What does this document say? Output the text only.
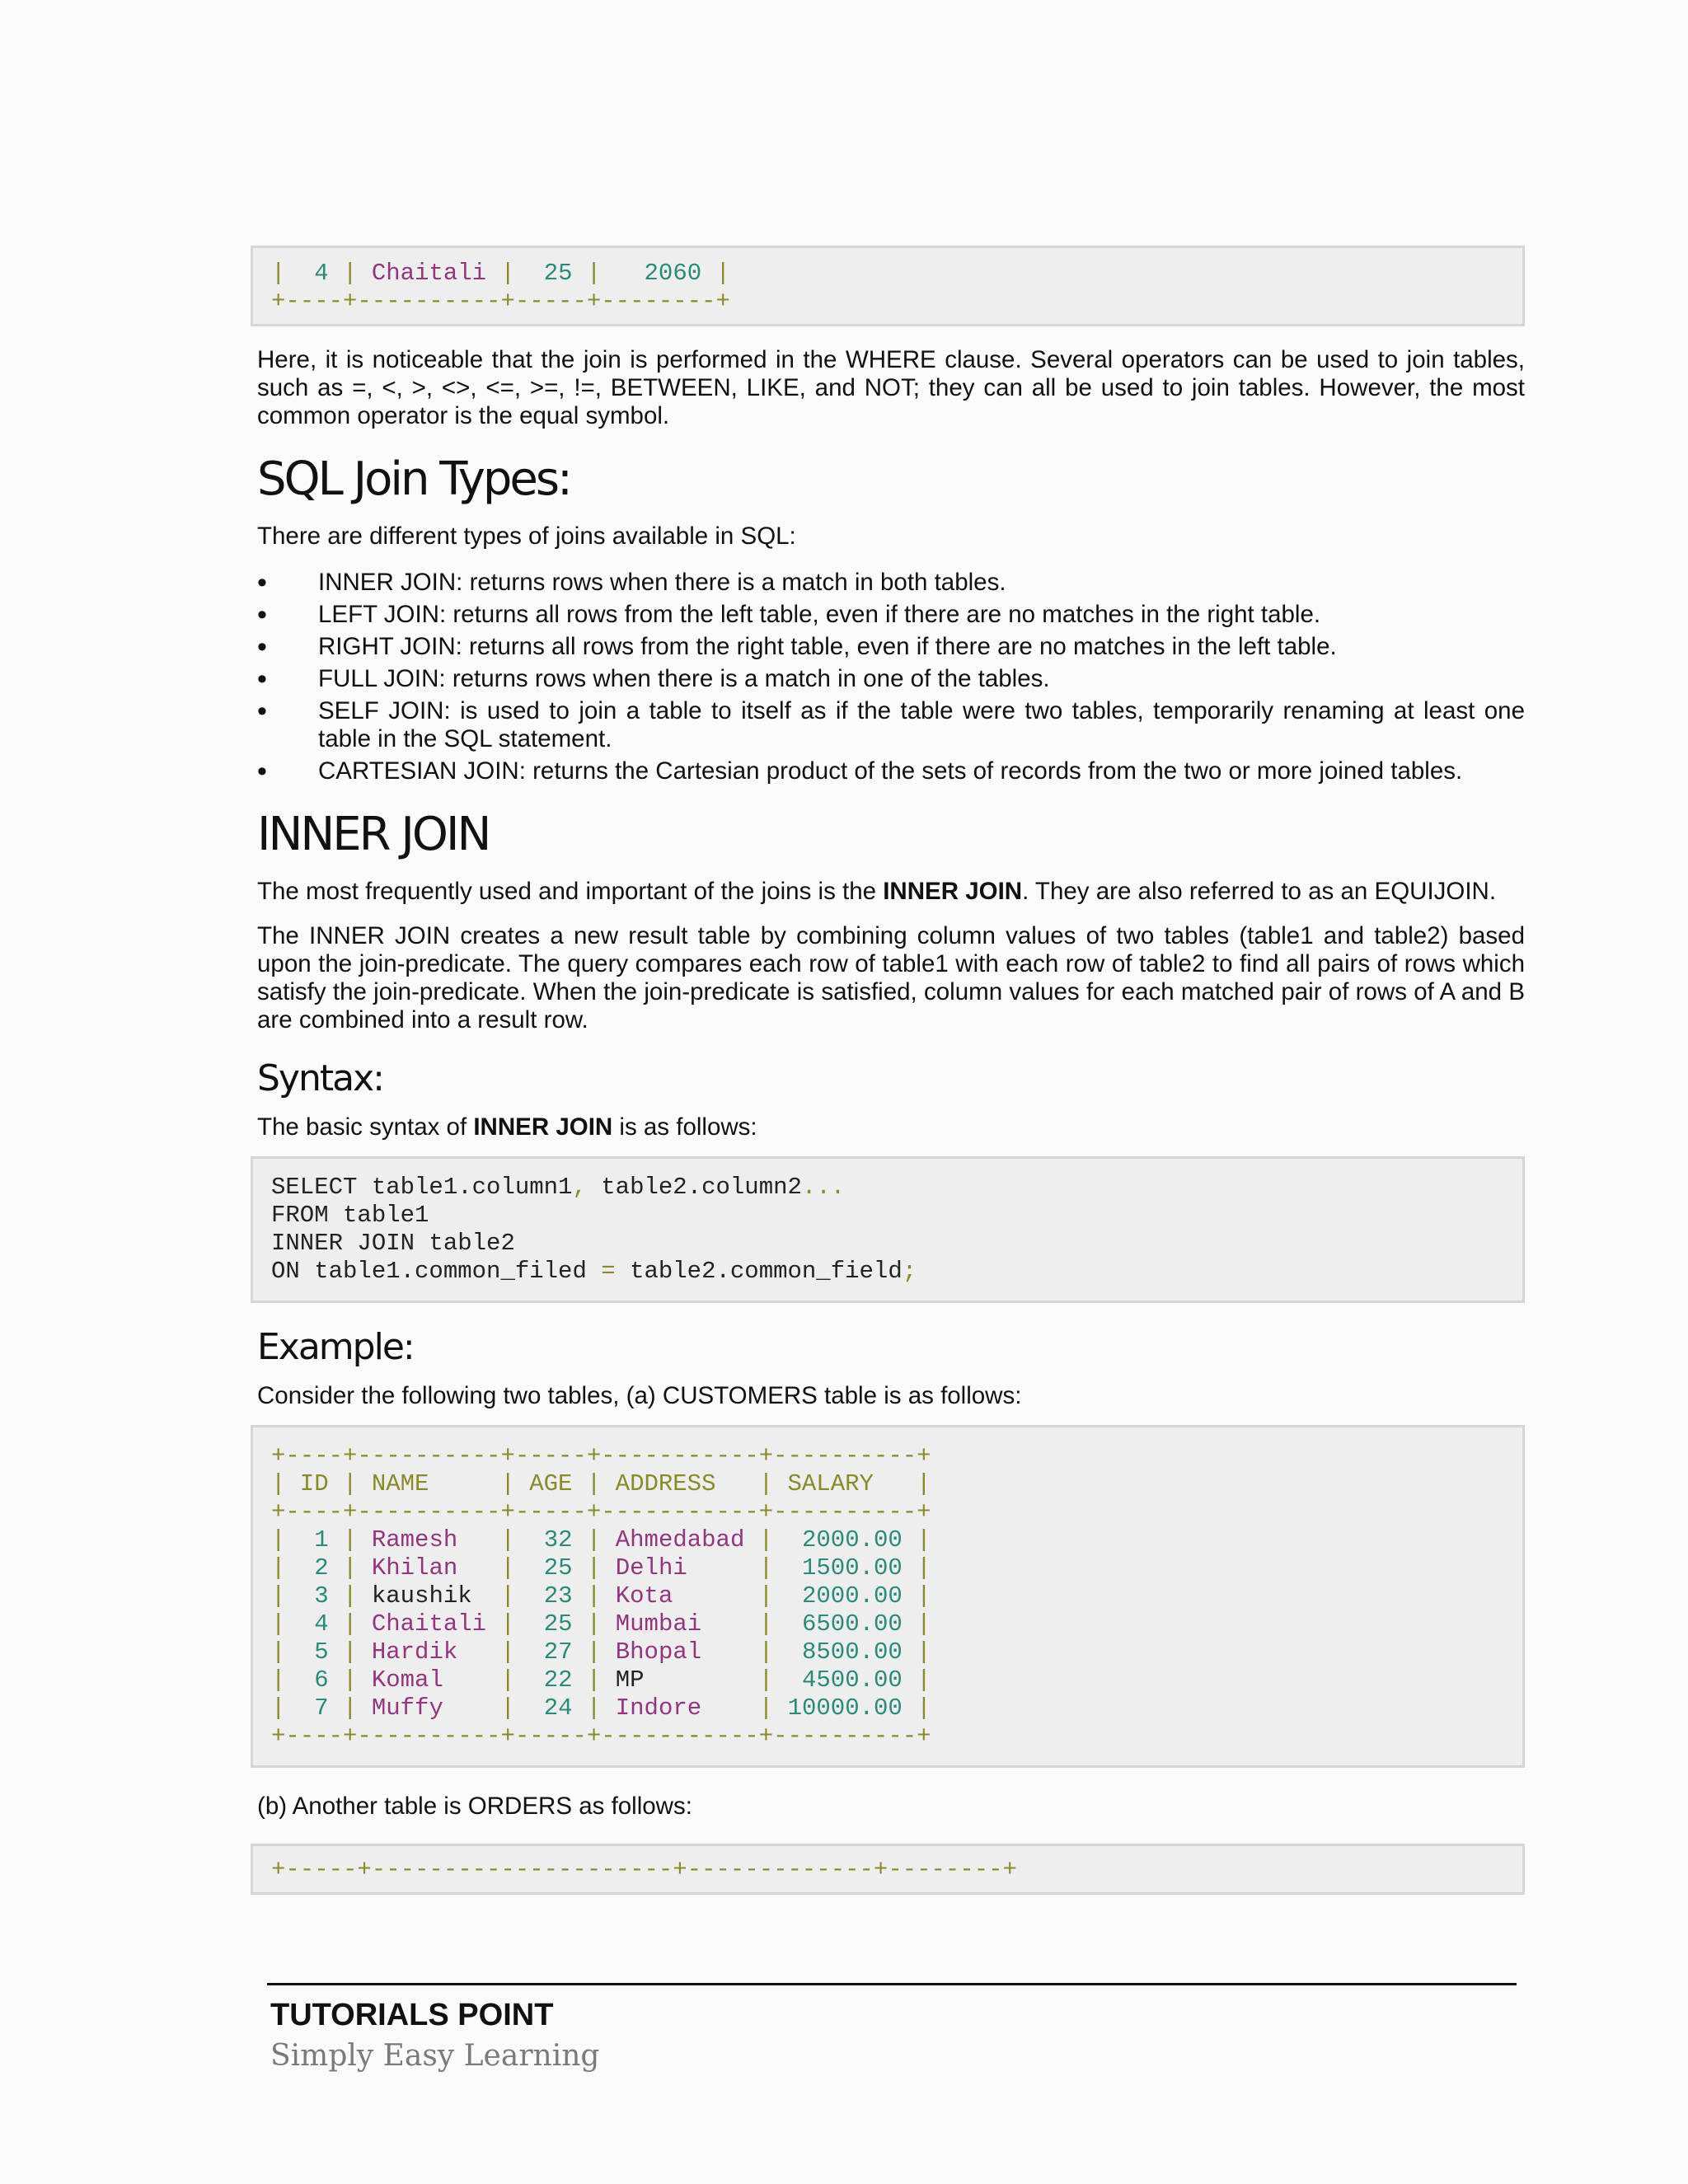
|  4 | Chaitali |  25 |   2060 |
+----+----------+-----+--------+

Here, it is noticeable that the join is performed in the WHERE clause. Several operators can be used to join tables, such as =, <, >, <>, <=, >=, !=, BETWEEN, LIKE, and NOT; they can all be used to join tables. However, the most common operator is the equal symbol.

SQL Join Types:

There are different types of joins available in SQL:

• INNER JOIN: returns rows when there is a match in both tables.
• LEFT JOIN: returns all rows from the left table, even if there are no matches in the right table.
• RIGHT JOIN: returns all rows from the right table, even if there are no matches in the left table.
• FULL JOIN: returns rows when there is a match in one of the tables.
• SELF JOIN: is used to join a table to itself as if the table were two tables, temporarily renaming at least one table in the SQL statement.
• CARTESIAN JOIN: returns the Cartesian product of the sets of records from the two or more joined tables.
INNER JOIN

The most frequently used and important of the joins is the INNER JOIN. They are also referred to as an EQUIJOIN.

The INNER JOIN creates a new result table by combining column values of two tables (table1 and table2) based upon the join-predicate. The query compares each row of table1 with each row of table2 to find all pairs of rows which satisfy the join-predicate. When the join-predicate is satisfied, column values for each matched pair of rows of A and B are combined into a result row.

Syntax:

The basic syntax of INNER JOIN is as follows:

SELECT table1.column1, table2.column2...
FROM table1
INNER JOIN table2
ON table1.common_filed = table2.common_field;
Example:

Consider the following two tables, (a) CUSTOMERS table is as follows:

+----+----------+-----+-----------+----------+
| ID | NAME     | AGE | ADDRESS   | SALARY   |
+----+----------+-----+-----------+----------+
|  1 | Ramesh   |  32 | Ahmedabad |  2000.00 |
|  2 | Khilan   |  25 | Delhi     |  1500.00 |
|  3 | kaushik  |  23 | Kota      |  2000.00 |
|  4 | Chaitali |  25 | Mumbai    |  6500.00 |
|  5 | Hardik   |  27 | Bhopal    |  8500.00 |
|  6 | Komal    |  22 | MP        |  4500.00 |
|  7 | Muffy    |  24 | Indore    | 10000.00 |
+----+----------+-----+-----------+----------+

(b) Another table is ORDERS as follows:

+-----+---------------------+-------------+--------+
TUTORIALS POINT
Simply Easy Learning
